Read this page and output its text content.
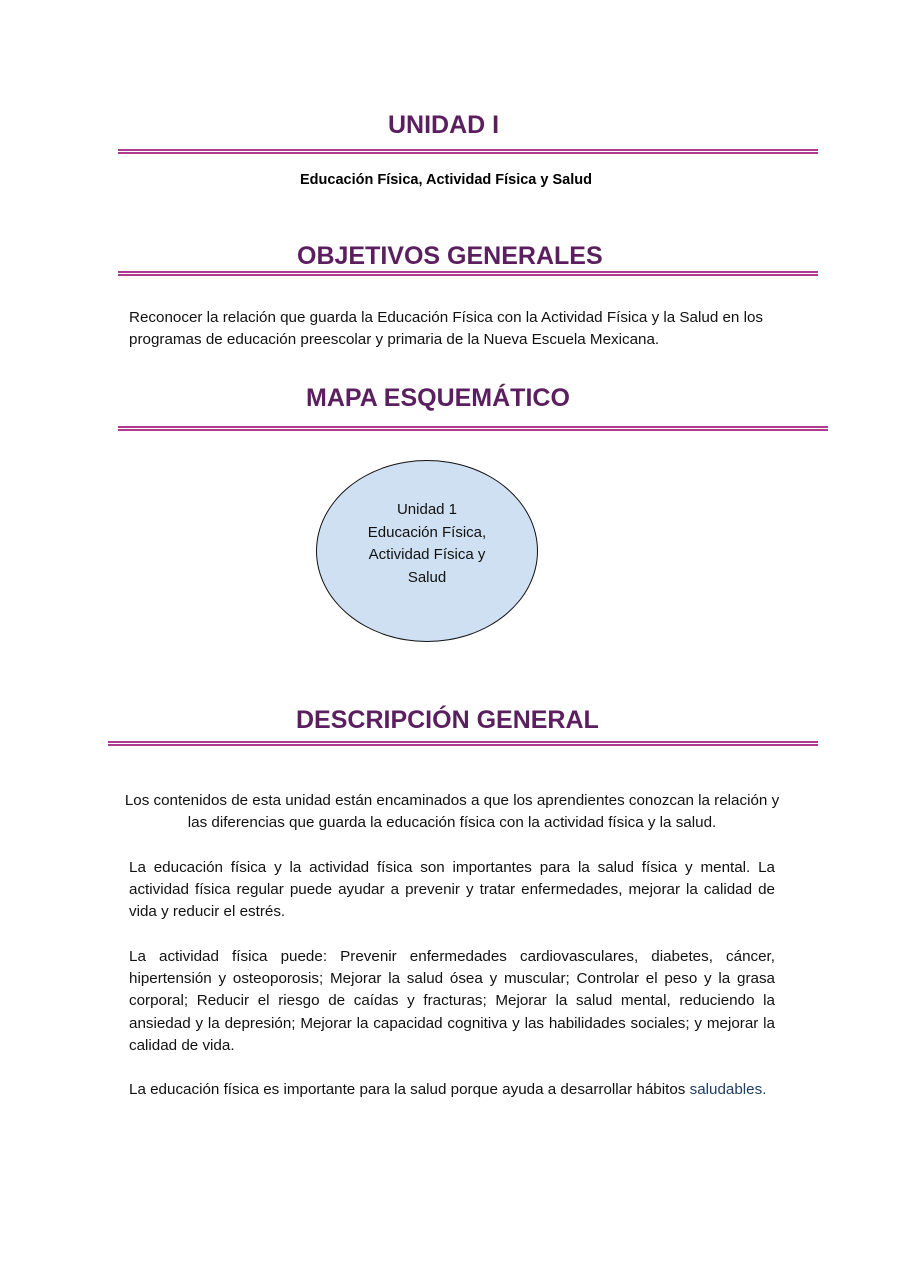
UNIDAD I
Educación Física, Actividad Física y Salud
OBJETIVOS GENERALES
Reconocer la relación que guarda la Educación Física con la Actividad Física y la Salud en los programas de educación preescolar y primaria de la Nueva Escuela Mexicana.
MAPA ESQUEMÁTICO
Unidad 1
Educación Física,
Actividad Física y
Salud
DESCRIPCIÓN GENERAL
Los contenidos de esta unidad están encaminados a que los aprendientes conozcan la relación y las diferencias que guarda la educación física con la actividad física y la salud.
La educación física y la actividad física son importantes para la salud física y mental. La actividad física regular puede ayudar a prevenir y tratar enfermedades, mejorar la calidad de vida y reducir el estrés.
La actividad física puede: Prevenir enfermedades cardiovasculares, diabetes, cáncer, hipertensión y osteoporosis; Mejorar la salud ósea y muscular; Controlar el peso y la grasa corporal; Reducir el riesgo de caídas y fracturas; Mejorar la salud mental, reduciendo la ansiedad y la depresión; Mejorar la capacidad cognitiva y las habilidades sociales; y mejorar la calidad de vida.
La educación física es importante para la salud porque ayuda a desarrollar hábitos saludables.
